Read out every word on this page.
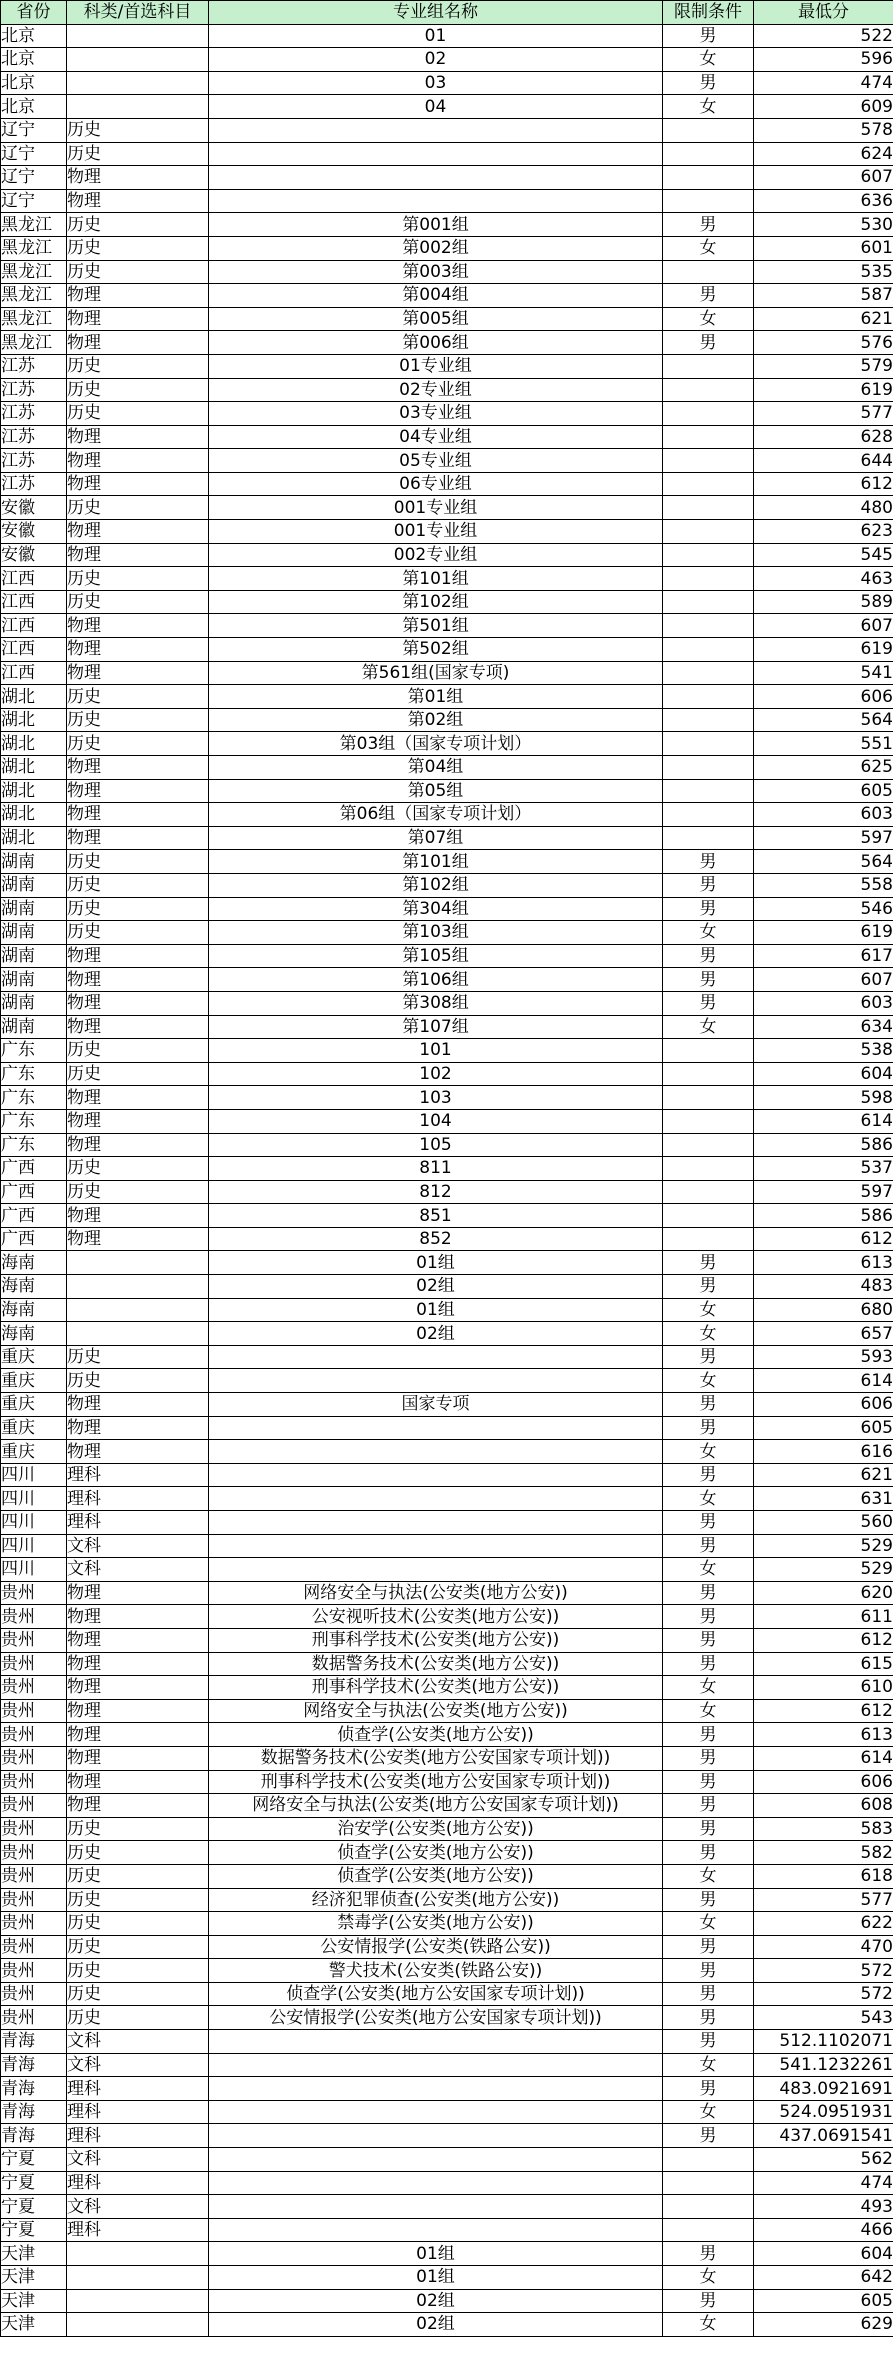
省份	科类/首选科目	专业组名称	限制条件	最低分
北京		01	男	522
北京		02	女	596
北京		03	男	474
北京		04	女	609
辽宁	历史			578
辽宁	历史			624
辽宁	物理			607
辽宁	物理			636
黑龙江	历史	第001组	男	530
黑龙江	历史	第002组	女	601
黑龙江	历史	第003组		535
黑龙江	物理	第004组	男	587
黑龙江	物理	第005组	女	621
黑龙江	物理	第006组	男	576
江苏	历史	01专业组		579
江苏	历史	02专业组		619
江苏	历史	03专业组		577
江苏	物理	04专业组		628
江苏	物理	05专业组		644
江苏	物理	06专业组		612
安徽	历史	001专业组		480
安徽	物理	001专业组		623
安徽	物理	002专业组		545
江西	历史	第101组		463
江西	历史	第102组		589
江西	物理	第501组		607
江西	物理	第502组		619
江西	物理	第561组(国家专项)		541
湖北	历史	第01组		606
湖北	历史	第02组		564
湖北	历史	第03组（国家专项计划）		551
湖北	物理	第04组		625
湖北	物理	第05组		605
湖北	物理	第06组（国家专项计划）		603
湖北	物理	第07组		597
湖南	历史	第101组	男	564
湖南	历史	第102组	男	558
湖南	历史	第304组	男	546
湖南	历史	第103组	女	619
湖南	物理	第105组	男	617
湖南	物理	第106组	男	607
湖南	物理	第308组	男	603
湖南	物理	第107组	女	634
广东	历史	101		538
广东	历史	102		604
广东	物理	103		598
广东	物理	104		614
广东	物理	105		586
广西	历史	811		537
广西	历史	812		597
广西	物理	851		586
广西	物理	852		612
海南		01组	男	613
海南		02组	男	483
海南		01组	女	680
海南		02组	女	657
重庆	历史		男	593
重庆	历史		女	614
重庆	物理	国家专项	男	606
重庆	物理		男	605
重庆	物理		女	616
四川	理科		男	621
四川	理科		女	631
四川	理科		男	560
四川	文科		男	529
四川	文科		女	529
贵州	物理	网络安全与执法(公安类(地方公安))	男	620
贵州	物理	公安视听技术(公安类(地方公安))	男	611
贵州	物理	刑事科学技术(公安类(地方公安))	男	612
贵州	物理	数据警务技术(公安类(地方公安))	男	615
贵州	物理	刑事科学技术(公安类(地方公安))	女	610
贵州	物理	网络安全与执法(公安类(地方公安))	女	612
贵州	物理	侦查学(公安类(地方公安))	男	613
贵州	物理	数据警务技术(公安类(地方公安国家专项计划))	男	614
贵州	物理	刑事科学技术(公安类(地方公安国家专项计划))	男	606
贵州	物理	网络安全与执法(公安类(地方公安国家专项计划))	男	608
贵州	历史	治安学(公安类(地方公安))	男	583
贵州	历史	侦查学(公安类(地方公安))	男	582
贵州	历史	侦查学(公安类(地方公安))	女	618
贵州	历史	经济犯罪侦查(公安类(地方公安))	男	577
贵州	历史	禁毒学(公安类(地方公安))	女	622
贵州	历史	公安情报学(公安类(铁路公安))	男	470
贵州	历史	警犬技术(公安类(铁路公安))	男	572
贵州	历史	侦查学(公安类(地方公安国家专项计划))	男	572
贵州	历史	公安情报学(公安类(地方公安国家专项计划))	男	543
青海	文科		男	512.1102071
青海	文科		女	541.1232261
青海	理科		男	483.0921691
青海	理科		女	524.0951931
青海	理科		男	437.0691541
宁夏	文科			562
宁夏	理科			474
宁夏	文科			493
宁夏	理科			466
天津		01组	男	604
天津		01组	女	642
天津		02组	男	605
天津		02组	女	629
